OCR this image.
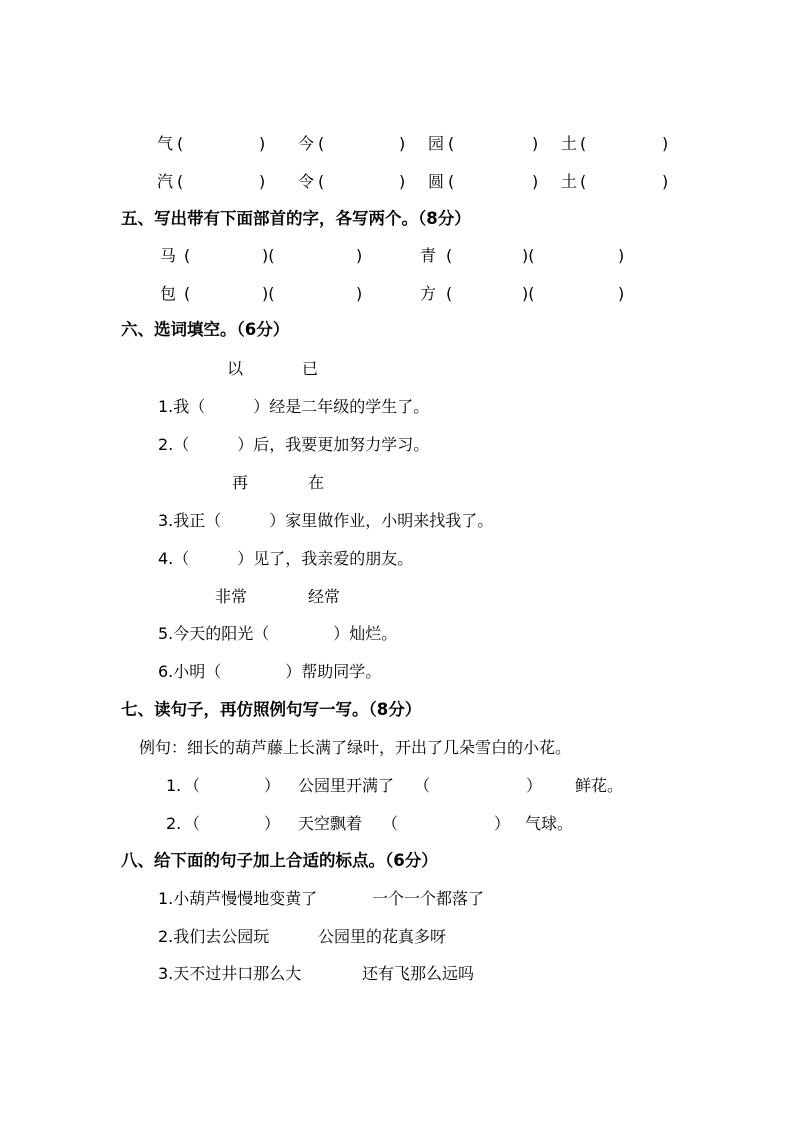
气 (	) 今 (	) 园 (	) 土 (	)
汽 (	) 令 (	) 圆 (	) 土 (	)
五、写出带有下面部首的字，各写两个。（8分）
马 (	)(	)	青 (	)(	)
包 (	)(	)	方 (	)(	)
六、选词填空。（6分）
以	已
1.我（　　　）经是二年级的学生了。
2.（　　　）后，我要更加努力学习。
再	在
3.我正（　　　）家里做作业，小明来找我了。
4.（　　　）见了，我亲爱的朋友。
非常	经常
5.今天的阳光（　　　　）灿烂。
6.小明（　　　　）帮助同学。
七、读句子，再仿照例句写一写。（8分）
例句：细长的葫芦藤上长满了绿叶，开出了几朵雪白的小花。
1. （　　　　） 公园里开满了 （　　　　　　） 鲜花。
2. （　　　　） 天空飘着 （　　　　　　） 气球。
八、给下面的句子加上合适的标点。（6分）
1.小葫芦慢慢地变黄了	一个一个都落了
2.我们去公园玩	公园里的花真多呀
3.天不过井口那么大	还有飞那么远吗
